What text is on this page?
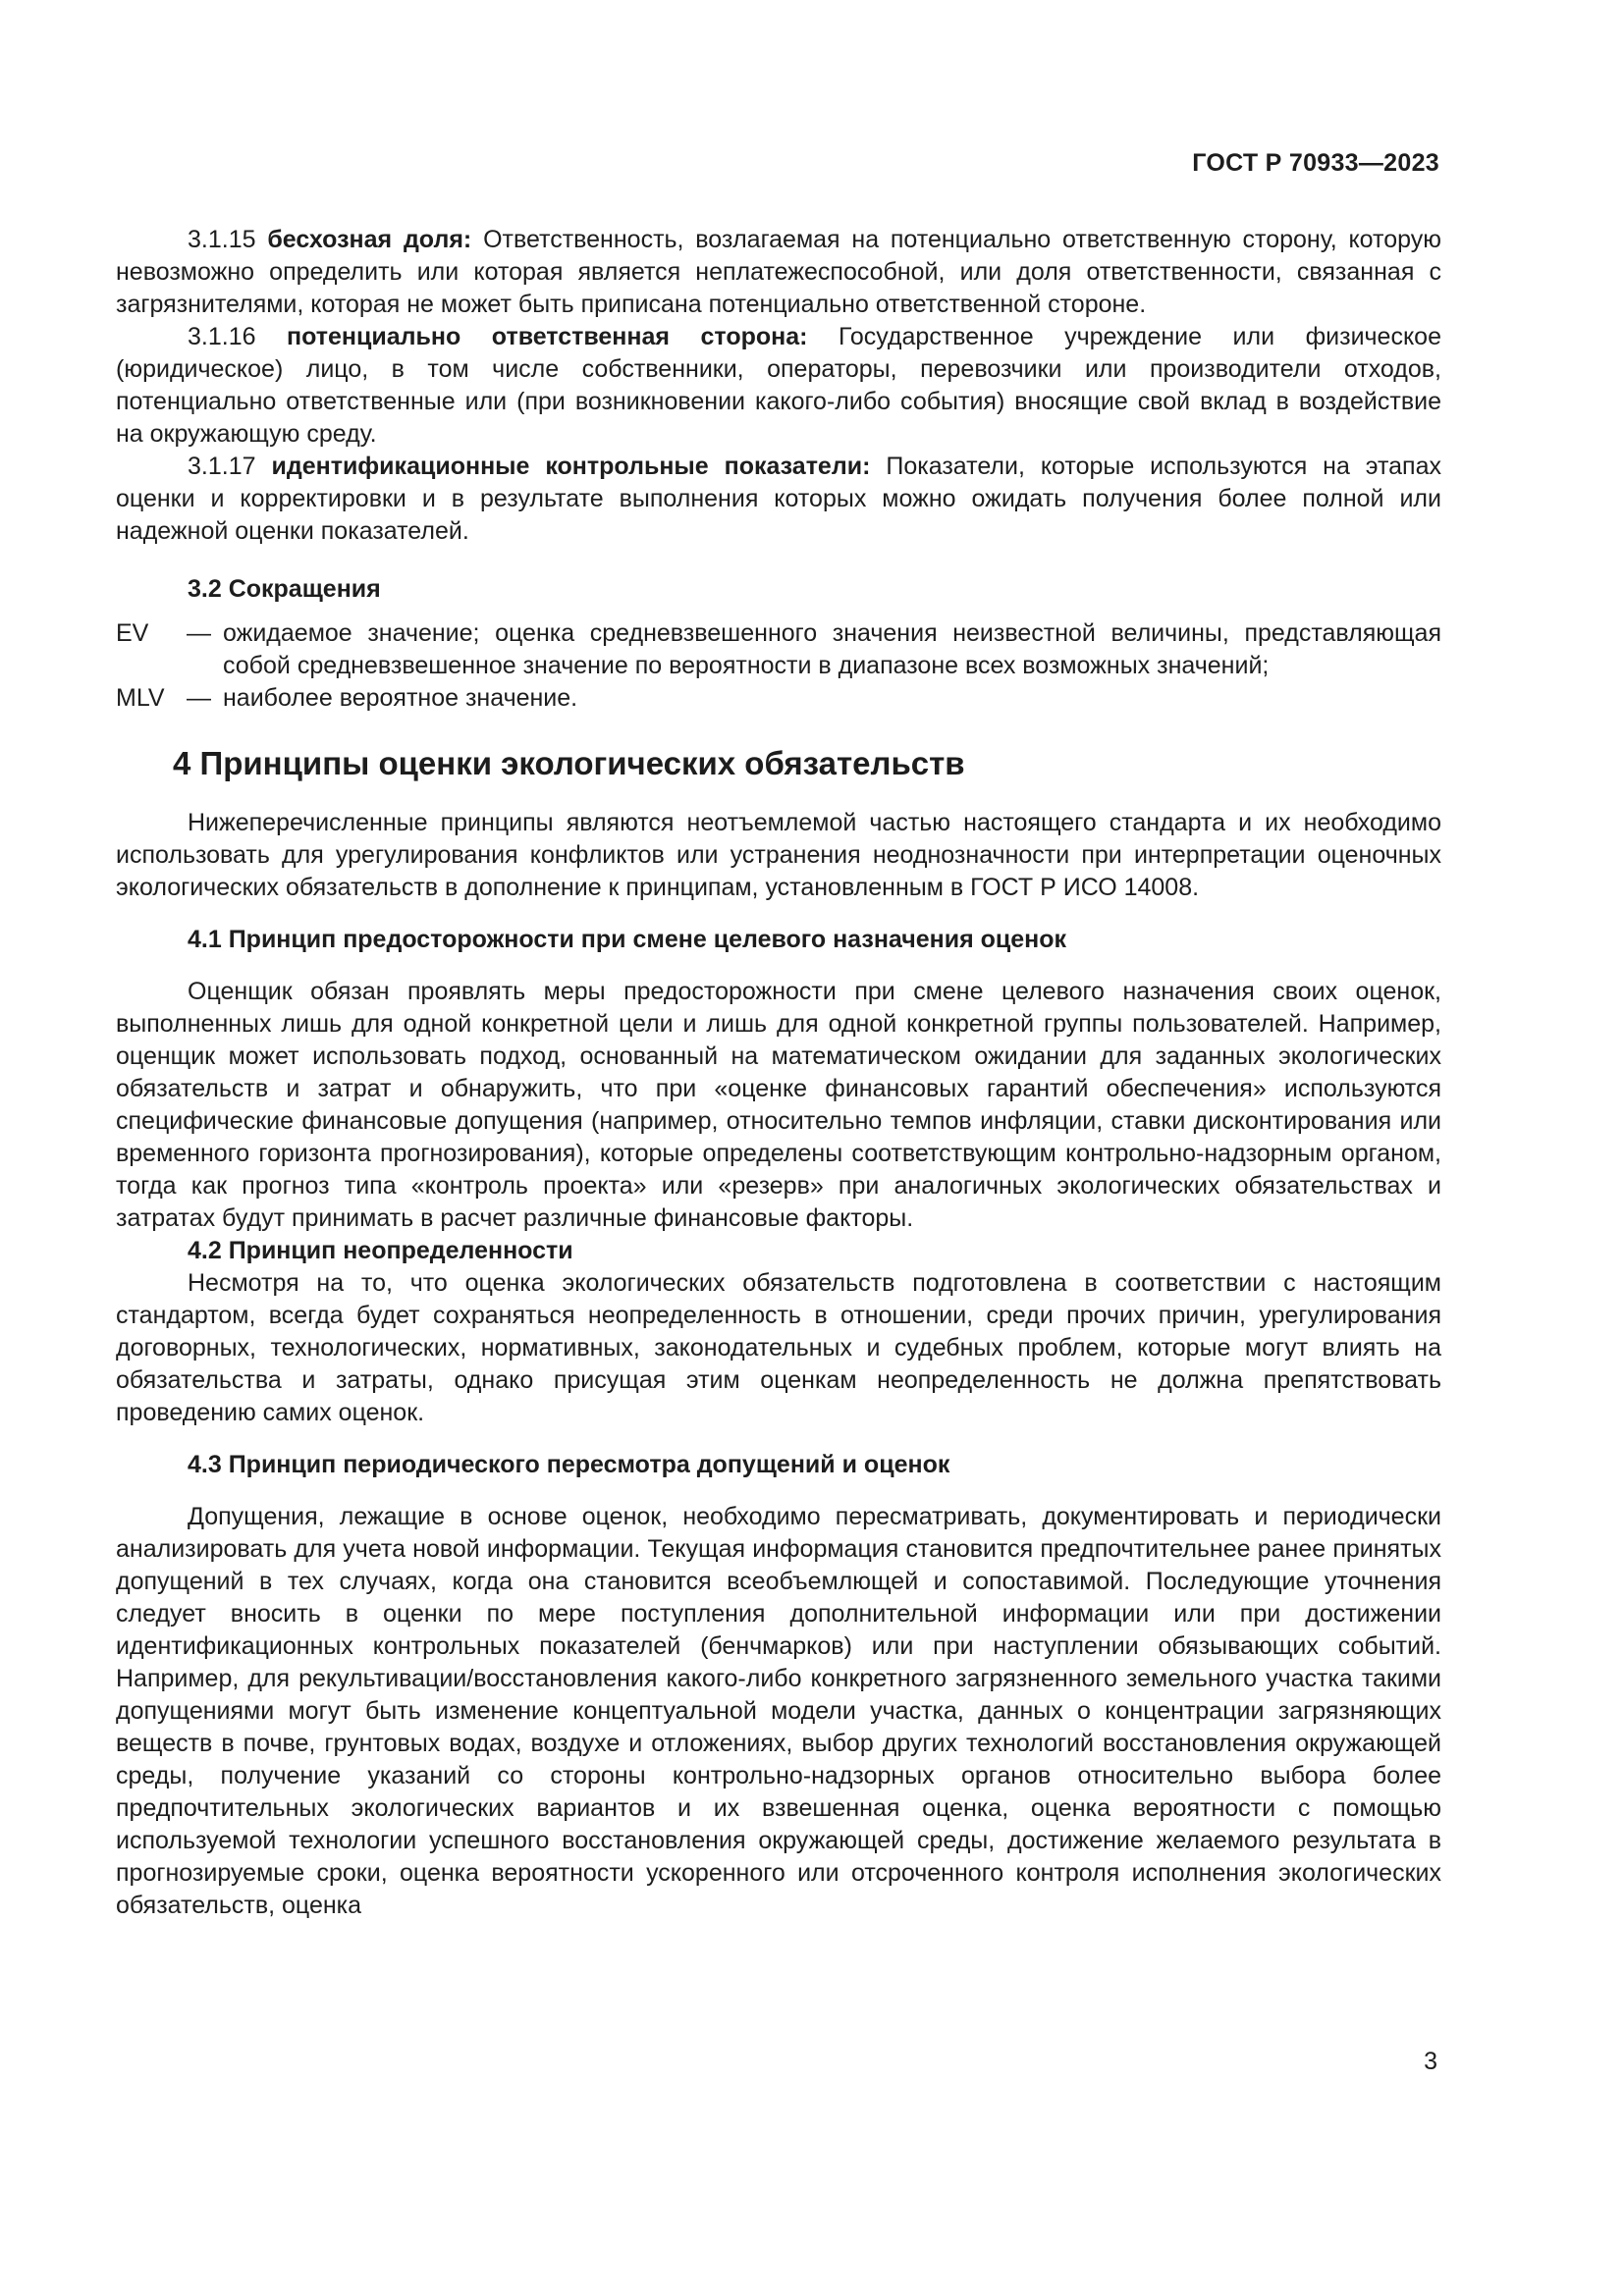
ГОСТ Р 70933—2023

3.1.15 бесхозная доля: Ответственность, возлагаемая на потенциально ответственную сторону, которую невозможно определить или которая является неплатежеспособной, или доля ответственности, связанная с загрязнителями, которая не может быть приписана потенциально ответственной стороне.

3.1.16 потенциально ответственная сторона: Государственное учреждение или физическое (юридическое) лицо, в том числе собственники, операторы, перевозчики или производители отходов, потенциально ответственные или (при возникновении какого-либо события) вносящие свой вклад в воздействие на окружающую среду.

3.1.17 идентификационные контрольные показатели: Показатели, которые используются на этапах оценки и корректировки и в результате выполнения которых можно ожидать получения более полной или надежной оценки показателей.

3.2 Сокращения
EV	— ожидаемое значение; оценка средневзвешенного значения неизвестной величины, представляющая собой средневзвешенное значение по вероятности в диапазоне всех возможных значений;
MLV — наиболее вероятное значение.
4 Принципы оценки экологических обязательств

Нижеперечисленные принципы являются неотъемлемой частью настоящего стандарта и их необходимо использовать для урегулирования конфликтов или устранения неоднозначности при интерпретации оценочных экологических обязательств в дополнение к принципам, установленным в ГОСТ Р ИСО 14008.

4.1 Принцип предосторожности при смене целевого назначения оценок

Оценщик обязан проявлять меры предосторожности при смене целевого назначения своих оценок, выполненных лишь для одной конкретной цели и лишь для одной конкретной группы пользователей. Например, оценщик может использовать подход, основанный на математическом ожидании для заданных экологических обязательств и затрат и обнаружить, что при «оценке финансовых гарантий обеспечения» используются специфические финансовые допущения (например, относительно темпов инфляции, ставки дисконтирования или временного горизонта прогнозирования), которые определены соответствующим контрольно-надзорным органом, тогда как прогноз типа «контроль проекта» или «резерв» при аналогичных экологических обязательствах и затратах будут принимать в расчет различные финансовые факторы.

4.2 Принцип неопределенности

Несмотря на то, что оценка экологических обязательств подготовлена в соответствии с настоящим стандартом, всегда будет сохраняться неопределенность в отношении, среди прочих причин, урегулирования договорных, технологических, нормативных, законодательных и судебных проблем, которые могут влиять на обязательства и затраты, однако присущая этим оценкам неопределенность не должна препятствовать проведению самих оценок.

4.3 Принцип периодического пересмотра допущений и оценок

Допущения, лежащие в основе оценок, необходимо пересматривать, документировать и периодически анализировать для учета новой информации. Текущая информация становится предпочтительнее ранее принятых допущений в тех случаях, когда она становится всеобъемлющей и сопоставимой. Последующие уточнения следует вносить в оценки по мере поступления дополнительной информации или при достижении идентификационных контрольных показателей (бенчмарков) или при наступлении обязывающих событий. Например, для рекультивации/восстановления какого-либо конкретного загрязненного земельного участка такими допущениями могут быть изменение концептуальной модели участка, данных о концентрации загрязняющих веществ в почве, грунтовых водах, воздухе и отложениях, выбор других технологий восстановления окружающей среды, получение указаний со стороны контрольно-надзорных органов относительно выбора более предпочтительных экологических вариантов и их взвешенная оценка, оценка вероятности с помощью используемой технологии успешного восстановления окружающей среды, достижение желаемого результата в прогнозируемые сроки, оценка вероятности ускоренного или отсроченного контроля исполнения экологических обязательств, оценка

3
